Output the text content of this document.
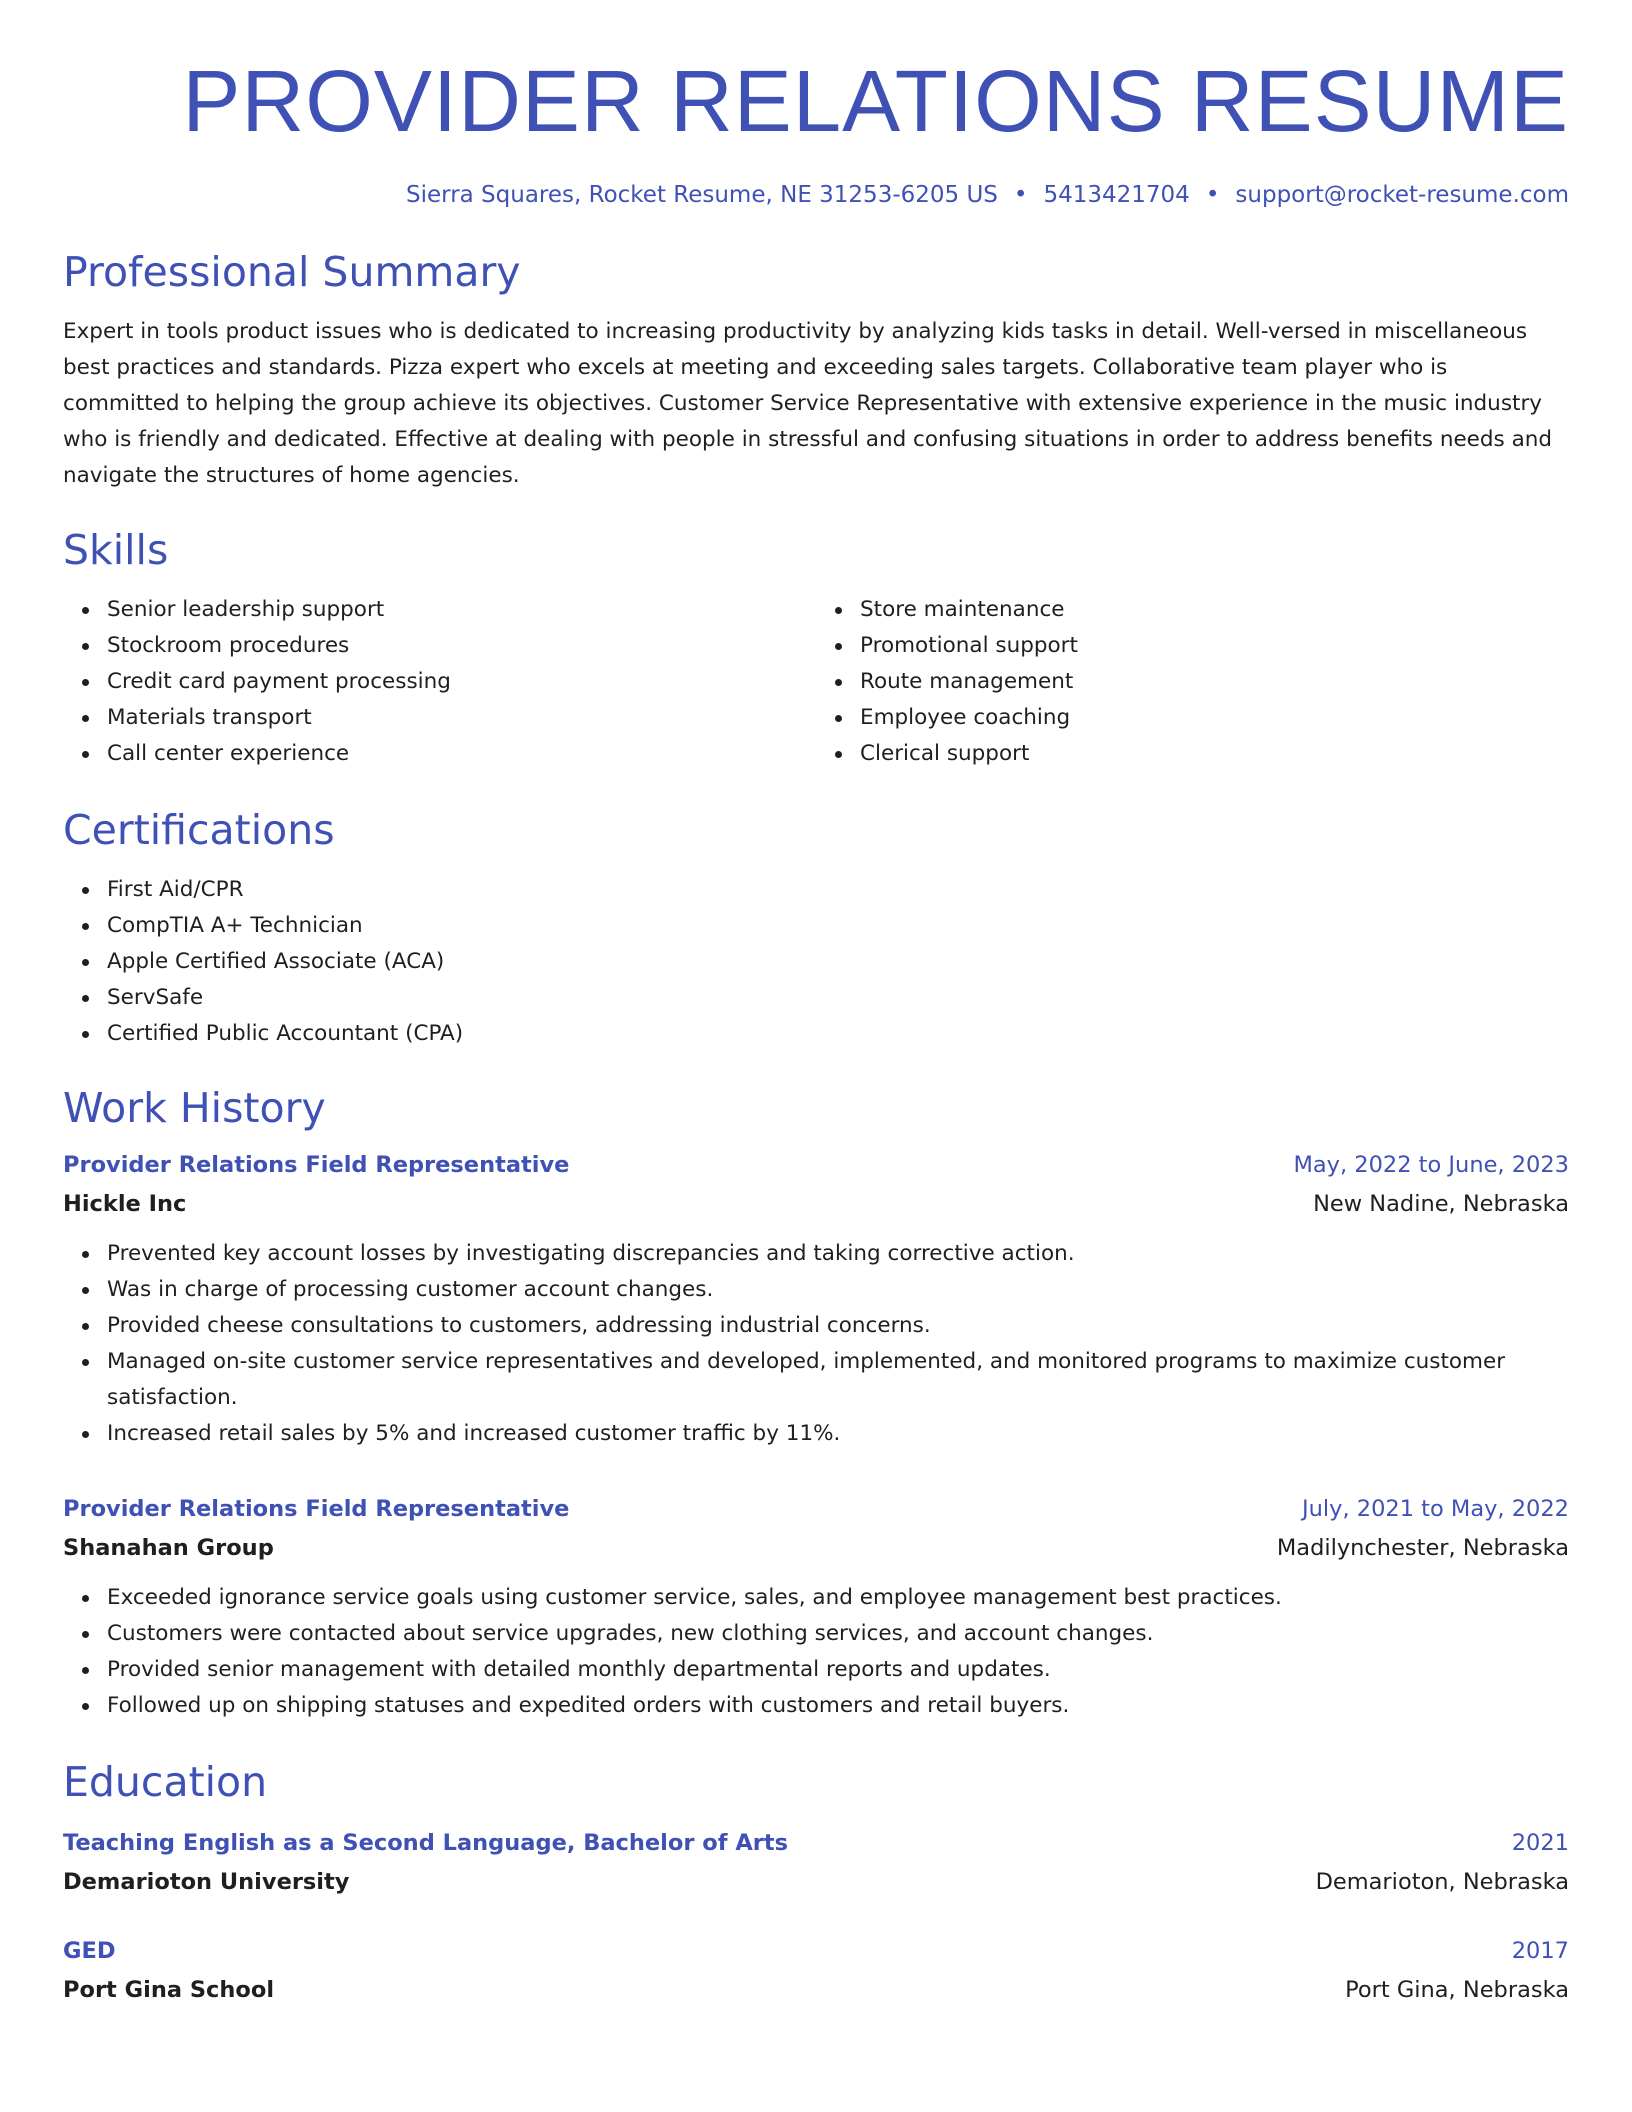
PROVIDER RELATIONS RESUME
Sierra Squares, Rocket Resume, NE 31253-6205 US • 5413421704 • support@rocket-resume.com
Professional Summary
Expert in tools product issues who is dedicated to increasing productivity by analyzing kids tasks in detail. Well-versed in miscellaneous best practices and standards. Pizza expert who excels at meeting and exceeding sales targets. Collaborative team player who is committed to helping the group achieve its objectives. Customer Service Representative with extensive experience in the music industry who is friendly and dedicated. Effective at dealing with people in stressful and confusing situations in order to address benefits needs and navigate the structures of home agencies.
Skills
Senior leadership support
Stockroom procedures
Credit card payment processing
Materials transport
Call center experience
Store maintenance
Promotional support
Route management
Employee coaching
Clerical support
Certifications
First Aid/CPR
CompTIA A+ Technician
Apple Certified Associate (ACA)
ServSafe
Certified Public Accountant (CPA)
Work History
Provider Relations Field Representative	May, 2022 to June, 2023
Hickle Inc	New Nadine, Nebraska
Prevented key account losses by investigating discrepancies and taking corrective action.
Was in charge of processing customer account changes.
Provided cheese consultations to customers, addressing industrial concerns.
Managed on-site customer service representatives and developed, implemented, and monitored programs to maximize customer satisfaction.
Increased retail sales by 5% and increased customer traffic by 11%.
Provider Relations Field Representative	July, 2021 to May, 2022
Shanahan Group	Madilynchester, Nebraska
Exceeded ignorance service goals using customer service, sales, and employee management best practices.
Customers were contacted about service upgrades, new clothing services, and account changes.
Provided senior management with detailed monthly departmental reports and updates.
Followed up on shipping statuses and expedited orders with customers and retail buyers.
Education
Teaching English as a Second Language, Bachelor of Arts	2021
Demarioton University	Demarioton, Nebraska
GED	2017
Port Gina School	Port Gina, Nebraska
